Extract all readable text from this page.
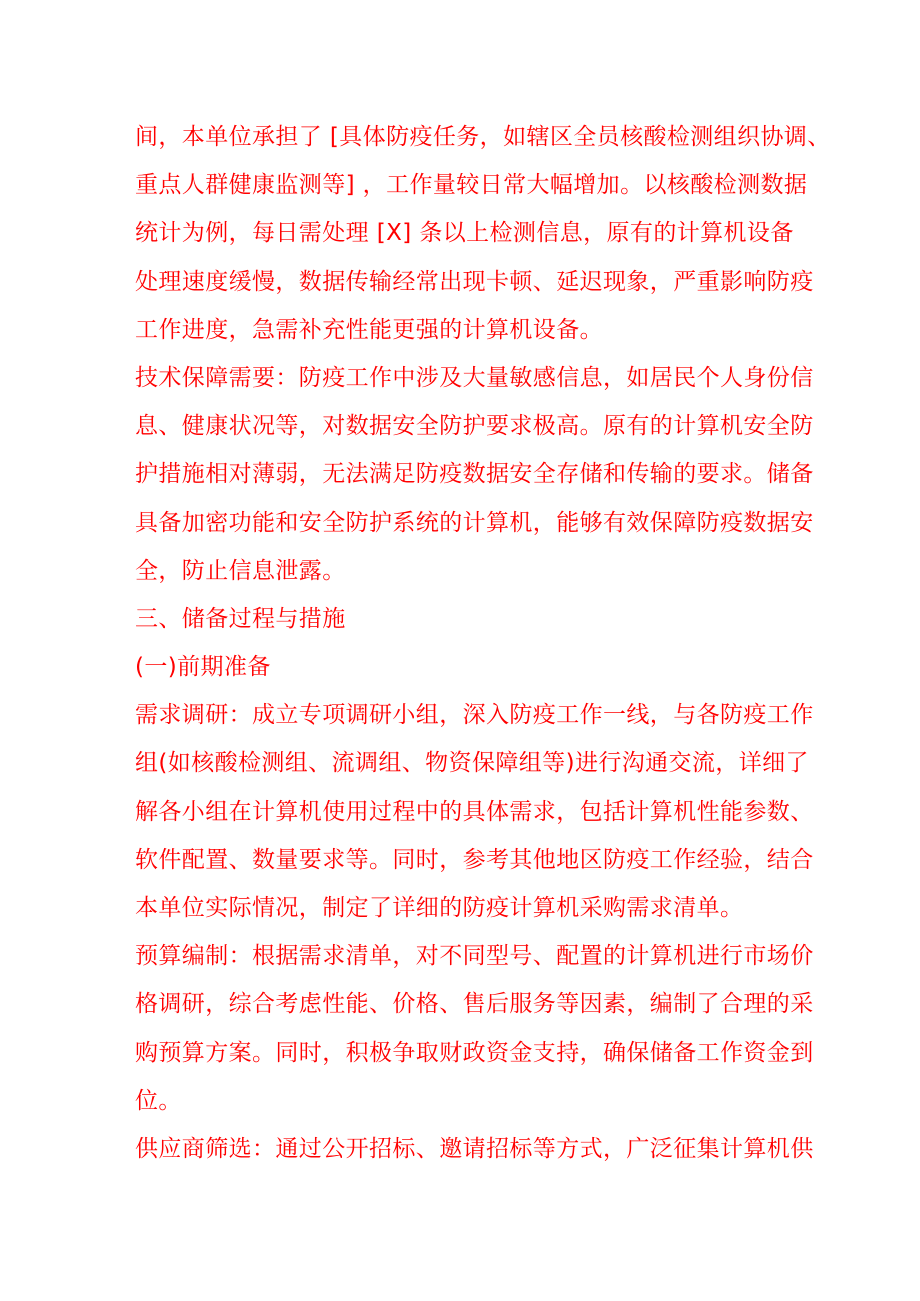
间，本单位承担了 [具体防疫任务，如辖区全员核酸检测组织协调、
重点人群健康监测等] ，工作量较日常大幅增加。以核酸检测数据
统计为例，每日需处理 [X] 条以上检测信息，原有的计算机设备
处理速度缓慢，数据传输经常出现卡顿、延迟现象，严重影响防疫
工作进度，急需补充性能更强的计算机设备。
技术保障需要：防疫工作中涉及大量敏感信息，如居民个人身份信
息、健康状况等，对数据安全防护要求极高。原有的计算机安全防
护措施相对薄弱，无法满足防疫数据安全存储和传输的要求。储备
具备加密功能和安全防护系统的计算机，能够有效保障防疫数据安
全，防止信息泄露。
三、储备过程与措施
(一)前期准备
需求调研：成立专项调研小组，深入防疫工作一线，与各防疫工作
组(如核酸检测组、流调组、物资保障组等)进行沟通交流，详细了
解各小组在计算机使用过程中的具体需求，包括计算机性能参数、
软件配置、数量要求等。同时，参考其他地区防疫工作经验，结合
本单位实际情况，制定了详细的防疫计算机采购需求清单。
预算编制：根据需求清单，对不同型号、配置的计算机进行市场价
格调研，综合考虑性能、价格、售后服务等因素，编制了合理的采
购预算方案。同时，积极争取财政资金支持，确保储备工作资金到
位。
供应商筛选：通过公开招标、邀请招标等方式，广泛征集计算机供
